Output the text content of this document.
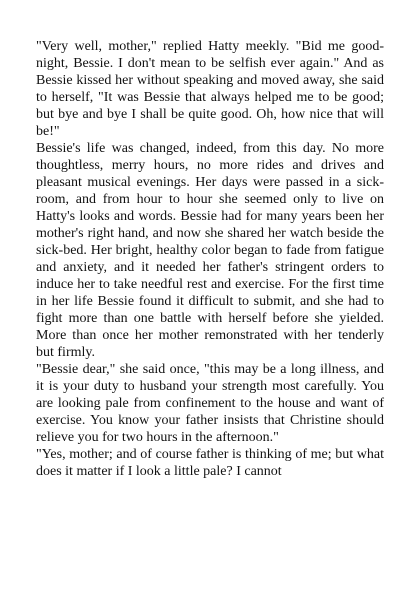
"Very well, mother," replied Hatty meekly. "Bid me good-night, Bessie. I don't mean to be selfish ever again." And as Bessie kissed her without speaking and moved away, she said to herself, "It was Bessie that always helped me to be good; but bye and bye I shall be quite good. Oh, how nice that will be!"

Bessie's life was changed, indeed, from this day. No more thoughtless, merry hours, no more rides and drives and pleasant musical evenings. Her days were passed in a sick-room, and from hour to hour she seemed only to live on Hatty's looks and words. Bessie had for many years been her mother's right hand, and now she shared her watch beside the sick-bed. Her bright, healthy color began to fade from fatigue and anxiety, and it needed her father's stringent orders to induce her to take needful rest and exercise. For the first time in her life Bessie found it difficult to submit, and she had to fight more than one battle with herself before she yielded. More than once her mother remonstrated with her tenderly but firmly.

"Bessie dear," she said once, "this may be a long illness, and it is your duty to husband your strength most carefully. You are looking pale from confinement to the house and want of exercise. You know your father insists that Christine should relieve you for two hours in the afternoon."

"Yes, mother; and of course father is thinking of me; but what does it matter if I look a little pale? I cannot
